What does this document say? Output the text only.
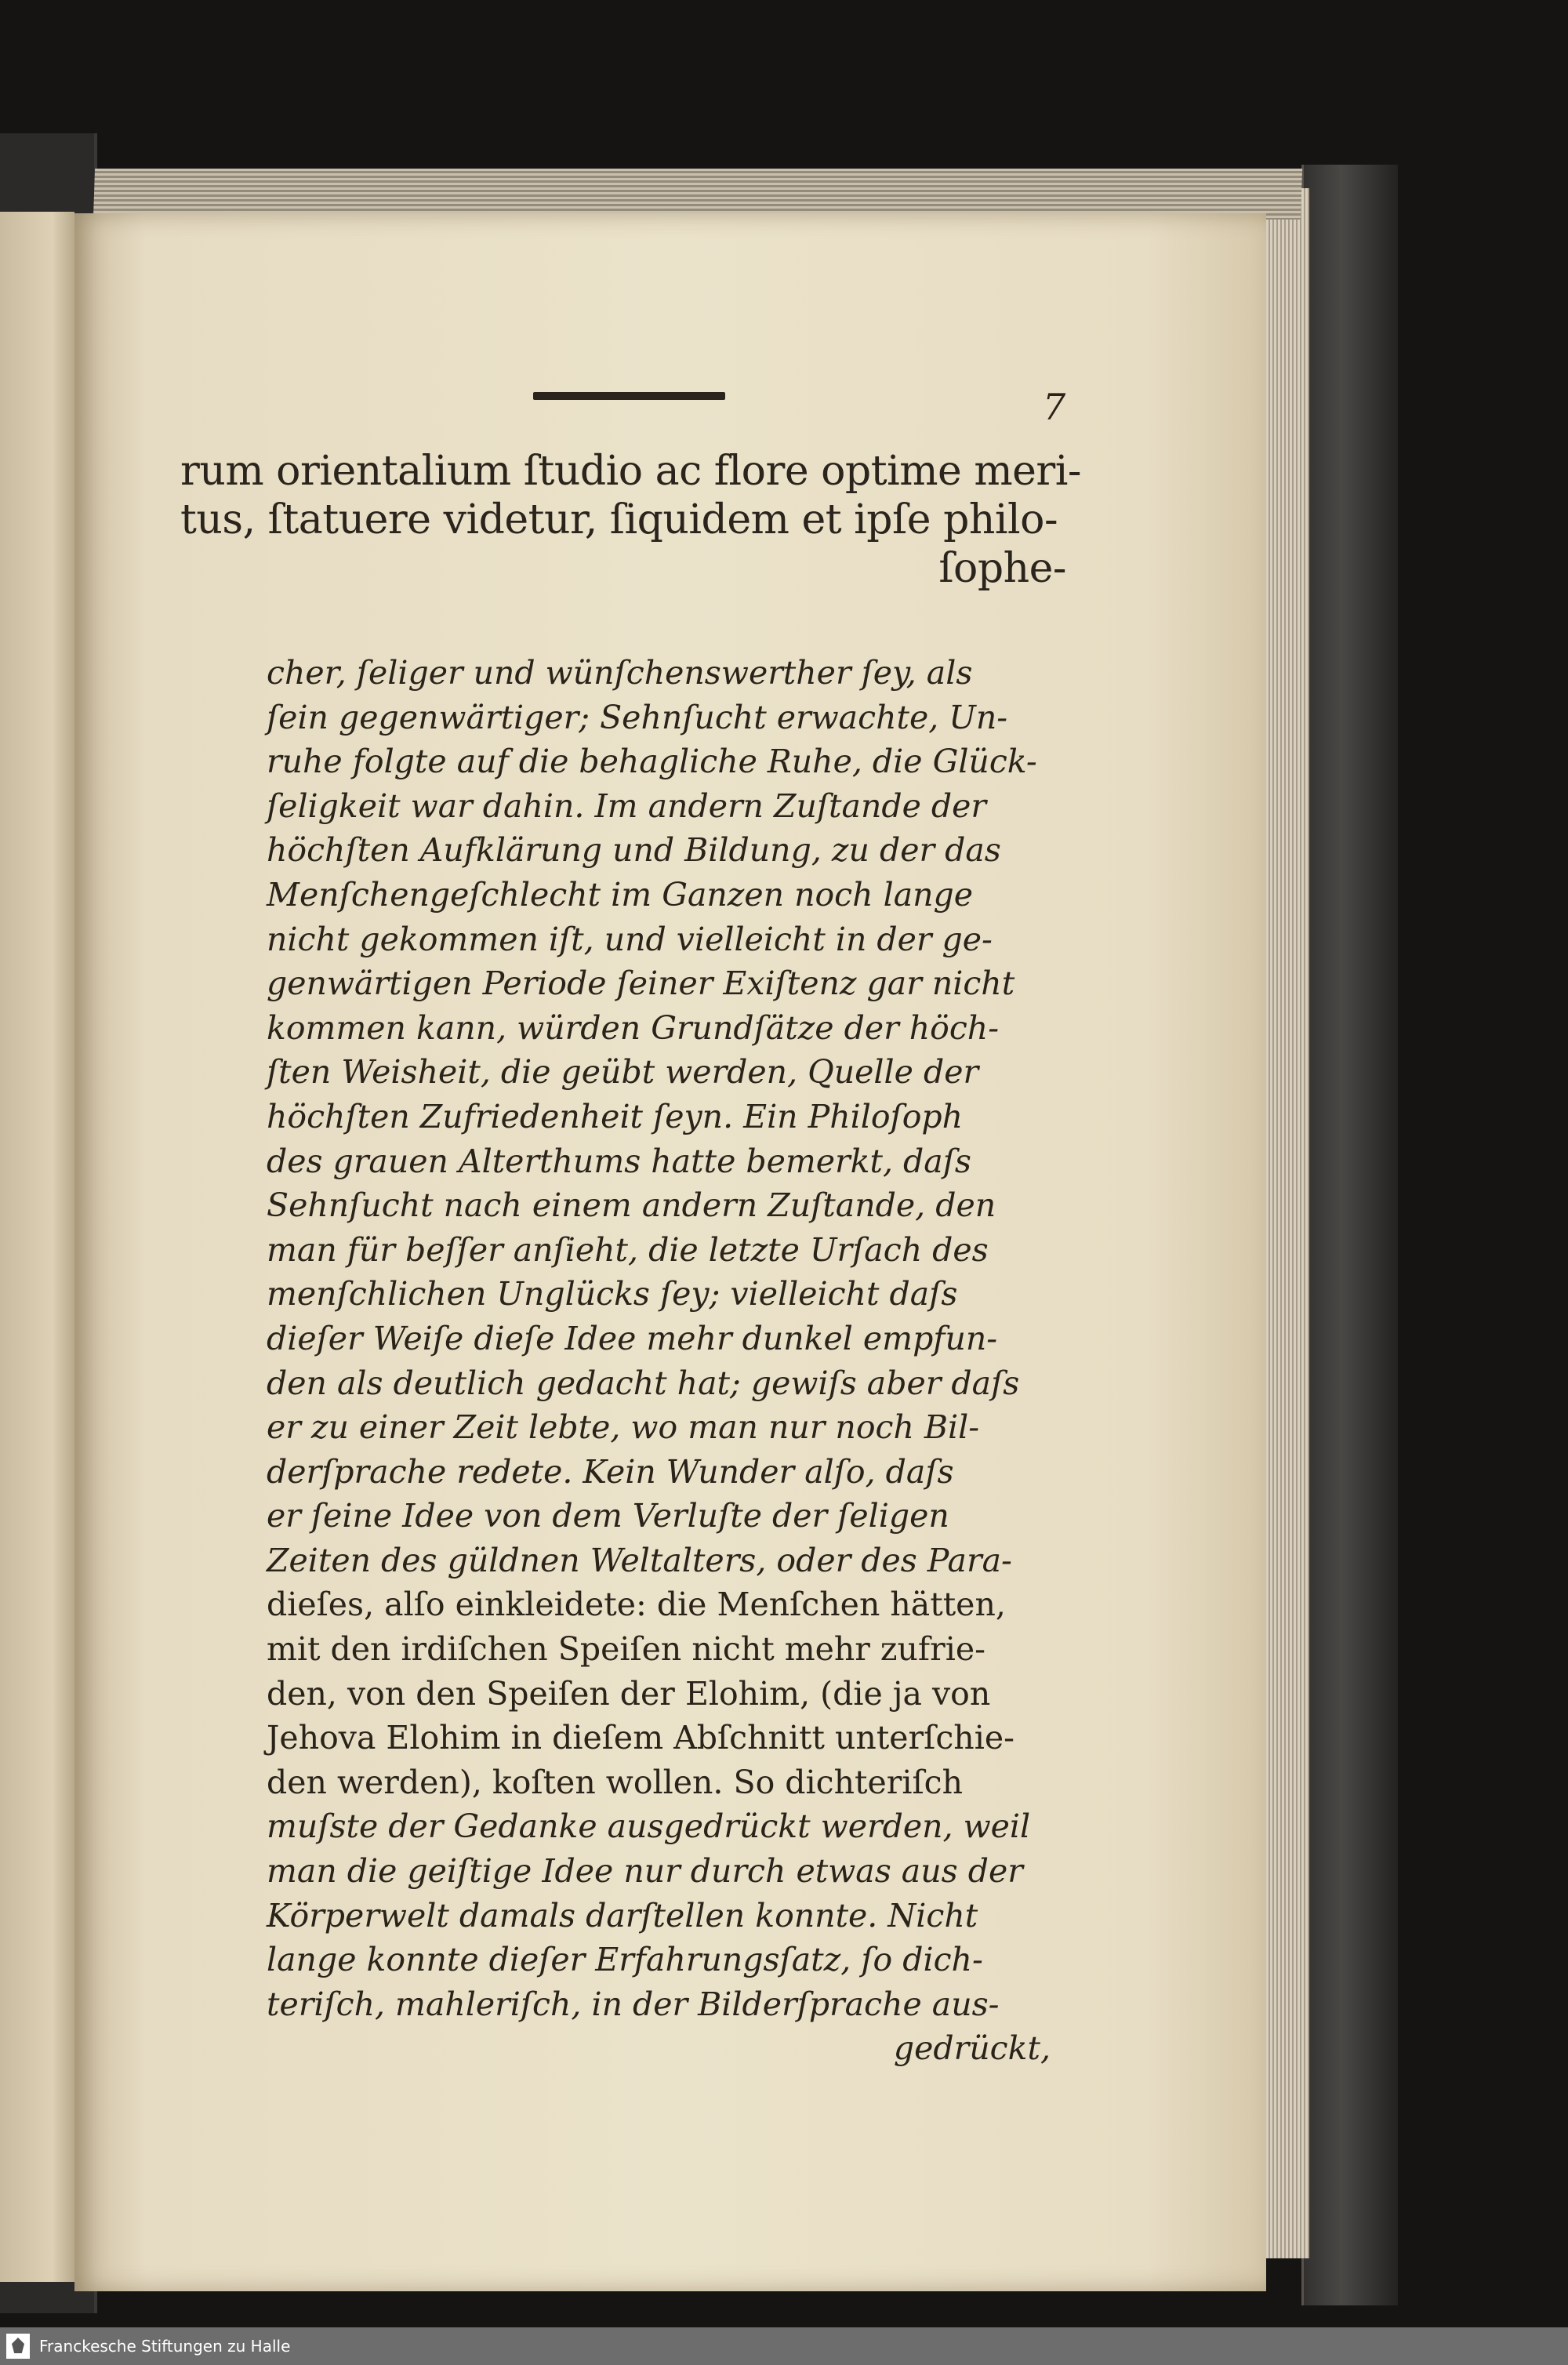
7
rum orientalium ſtudio ac flore optime meri-
tus, ſtatuere videtur, ſiquidem et ipſe philo-
ſophe-
cher, ſeliger und wünſchenswerther ſey, als
ſein gegenwärtiger; Sehnſucht erwachte, Un-
ruhe folgte auf die behagliche Ruhe, die Glück-
ſeligkeit war dahin. Im andern Zuſtande der
höchſten Aufklärung und Bildung, zu der das
Menſchengeſchlecht im Ganzen noch lange
nicht gekommen iſt, und vielleicht in der ge-
genwärtigen Periode ſeiner Exiſtenz gar nicht
kommen kann, würden Grundſätze der höch-
ſten Weisheit, die geübt werden, Quelle der
höchſten Zufriedenheit ſeyn. Ein Philoſoph
des grauen Alterthums hatte bemerkt, daſs
Sehnſucht nach einem andern Zuſtande, den
man für beſſer anſieht, die letzte Urſach des
menſchlichen Unglücks ſey; vielleicht daſs
dieſer Weiſe dieſe Idee mehr dunkel empfun-
den als deutlich gedacht hat; gewiſs aber daſs
er zu einer Zeit lebte, wo man nur noch Bil-
derſprache redete. Kein Wunder alſo, daſs
er ſeine Idee von dem Verluſte der ſeligen
Zeiten des güldnen Weltalters, oder des Para-
dieſes, alſo einkleidete: die Menſchen hätten,
mit den irdiſchen Speiſen nicht mehr zufrie-
den, von den Speiſen der Elohim, (die ja von
Jehova Elohim in dieſem Abſchnitt unterſchie-
den werden), koſten wollen. So dichteriſch
muſste der Gedanke ausgedrückt werden, weil
man die geiſtige Idee nur durch etwas aus der
Körperwelt damals darſtellen konnte. Nicht
lange konnte dieſer Erfahrungsſatz, ſo dich-
teriſch, mahleriſch, in der Bilderſprache aus-
gedrückt,
Franckesche Stiftungen zu Halle
